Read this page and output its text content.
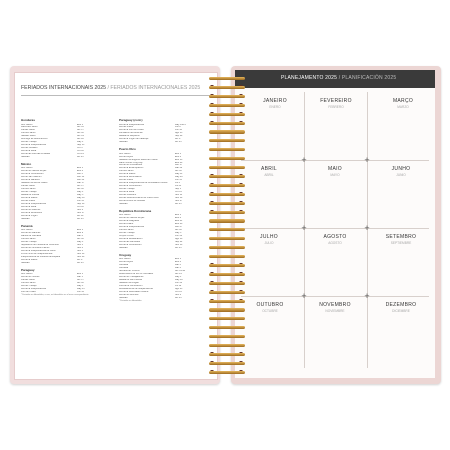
FERIADOS INTERNACIONAIS 2025 / FERIADOS INTERNACIONALES 2025
Honduras
Año Nuevo	Ene 1
Miércoles Santo	Abr 16
Jueves Santo	Abr 17
Viernes Santo	Abr 18
Sábado Santo	Abr 19
Domingo de Resurrección	Abr 20
Día del Trabajo	May 1
Día de la Independencia	Sep 15
Día del Soldado	Oct 3
Día de la Raza	Oct 12
Día de las Fuerzas Armadas	Oct 21
Navidad	Dic 25
México
Año Nuevo *	Ene 1
Día de los Santos Reyes	Ene 6
Día de la Constitución *	Feb 3
Día de San Valentín	Feb 14
Día de la Bandera	Feb 24
Natalicio de Benito Juárez *	Mar 17
Jueves Santo	Abr 17
Viernes Santo	Abr 18
Día del Trabajo *	May 1
Batalla de Puebla	May 5
Día de la Madre	May 10
Día del Padre	Jun 15
Día de la Independencia *	Sep 16
Día de la Raza	Oct 12
Día de los Muertos	Nov 2
Día de la Revolución *	Nov 17
Día de la Virgen	Dic 12
Navidad *	Dic 25
Panamá
Año Nuevo	Ene 1
Día de los Mártires	Ene 9
Martes de Carnaval	Mar 4
Viernes Santo	Abr 18
Día del Trabajo	May 1
Separación de Panamá de Colombia	Nov 3
Día de los Símbolos Patrios	Nov 4
Día de la Independencia de Colón	Nov 5
Primer Grito de Independencia	Nov 10
Independencia de Panamá de España	Nov 28
Día de la Madre	Dic 8
Navidad	Dic 25
Paraguay
Año Nuevo	Ene 1
Día de los Héroes	Mar 1
Jueves Santo	Abr 17
Viernes Santo	Abr 18
Día del Trabajo	May 1
Día de la Independencia	May 15
Paz del Chaco	Jun 12
* Feriados no laborables, o sea, no laborables en el mes correspondiente.
Paraguay (cont.)
Día de la Independencia	May 14/15
Día del Padre	Jun 8
Día de la Paz del Chaco	Jun 12
Fundación de Asunción	Ago 15
Batalla de Boquerón	Sep 29
Día de la Virgen de Caacupé	Dic 8
Navidad	Dic 25
Puerto Rico
Año Nuevo	Ene 1
Día de Reyes	Ene 6
Natalicio de Eugenio María de Hostos	Ene 13
Martin Luther King Day	Ene 20
Día de los Presidentes	Feb 17
Día de la Emancipación	Mar 22
Viernes Santo	Abr 18
Día de la Madre	May 11
Día de la Recordación	May 26
Día del Padre	Jun 15
Día de la Independencia de los Estados Unidos	Jul 4
Día de la Constitución	Jul 25
Día del Trabajo	Sep 1
Día de la Raza	Oct 13
Día del Veterano	Nov 11
Día del Descubrimiento de Puerto Rico	Nov 19
Día de Acción de Gracias	Nov 27
Navidad	Dic 25
República Dominicana
Año Nuevo	Ene 1
Día de los Santos Reyes	Ene 6
Día de la Altagracia	Ene 21
Día de Duarte	Ene 26
Día de la Independencia	Feb 27
Viernes Santo	Abr 18
Día del Trabajo	May 5
Corpus Christi	Jun 19
Día de la Restauración	Ago 16
Día de las Mercedes	Sep 24
Día de la Constitución	Nov 10
Navidad	Dic 25
Uruguay
Año Nuevo *	Ene 1
Día de Reyes	Ene 6
Carnaval	Mar 3
Carnaval	Mar 4
Semana de Turismo	Abr 14-18
Desembarco de los 33 Orientales	Abr 21
Día de los Trabajadores *	May 1
Batalla de Las Piedras	May 19
Natalicio de Artigas	Jun 19
Jura de la Constitución *	Jul 18
Declaratoria de la Independencia *	Ago 25
Día de la Diversidad Cultural	Oct 13
Día de los Difuntos	Nov 2
Navidad *	Dic 25
* Feriados no laborables
PLANEJAMENTO 2025 / PLANIFICACIÓN 2025
+	+
+	+
+	+
JANEIRO
ENERO
FEVEREIRO
FEBRERO
MARÇO
MARZO
ABRIL
ABRIL
MAIO
MAYO
JUNHO
JUNIO
JULHO
JULIO
AGOSTO
AGOSTO
SETEMBRO
SEPTIEMBRE
OUTUBRO
OCTUBRE
NOVEMBRO
NOVIEMBRE
DEZEMBRO
DICIEMBRE
